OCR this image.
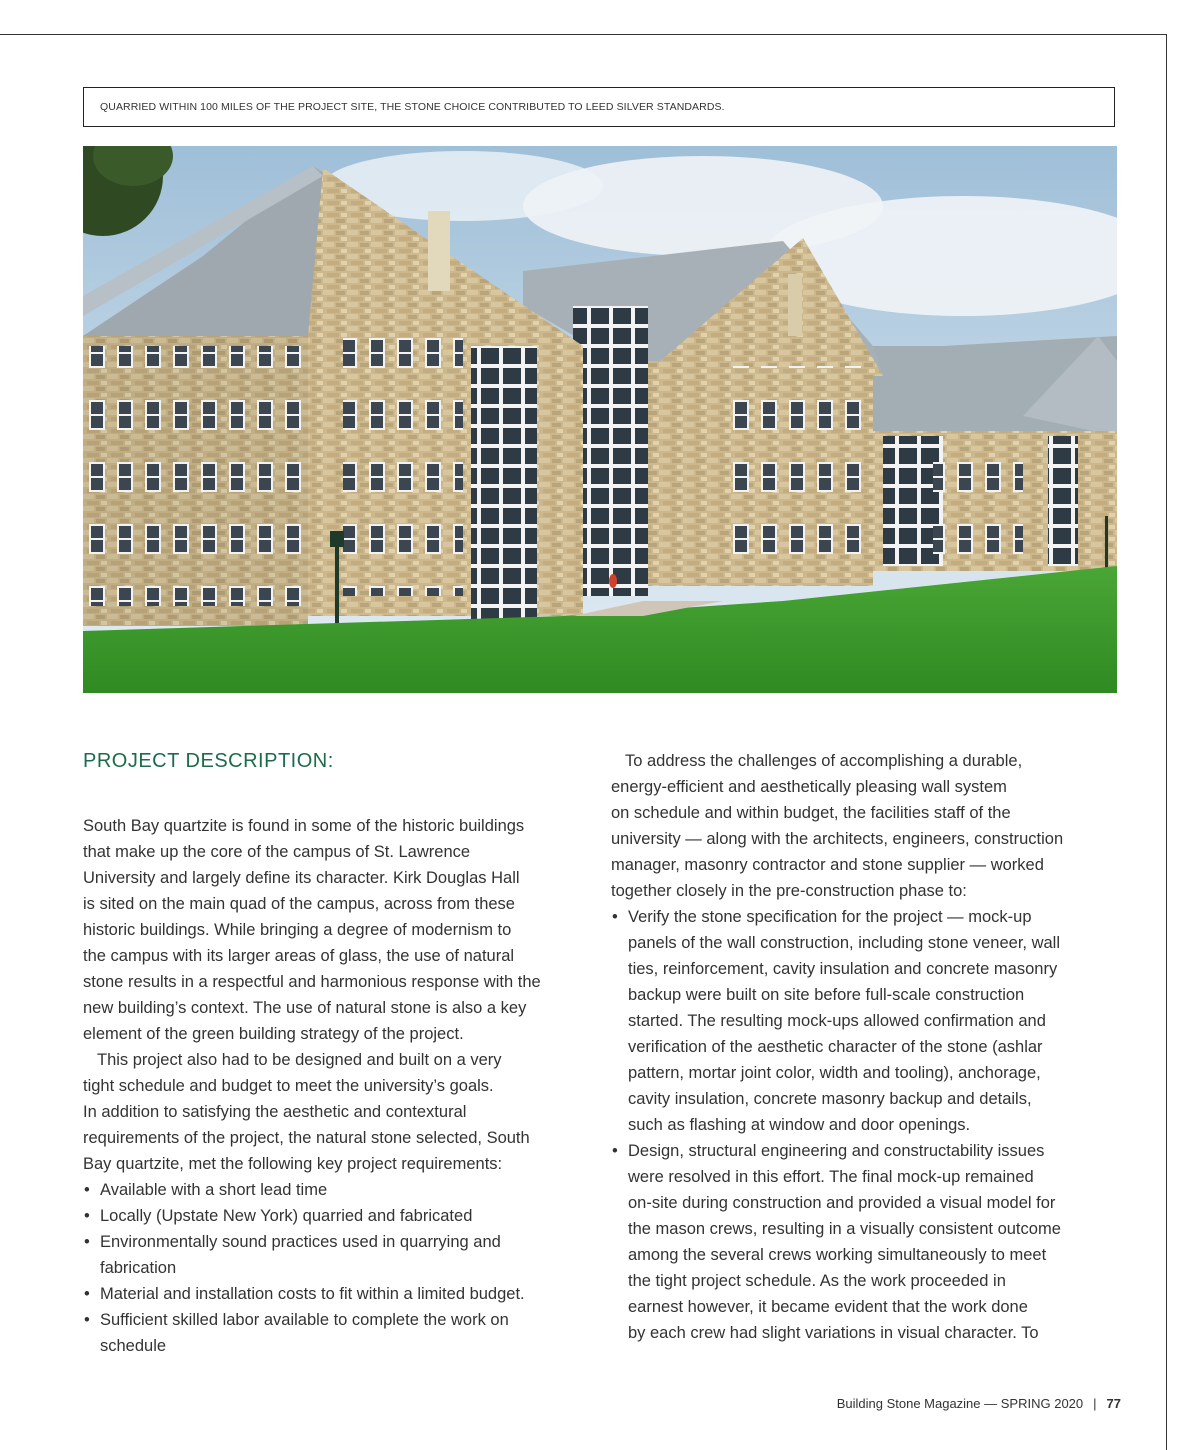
QUARRIED WITHIN 100 MILES OF THE PROJECT SITE, THE STONE CHOICE CONTRIBUTED TO LEED SILVER STANDARDS.
PROJECT DESCRIPTION:

South Bay quartzite is found in some of the historic buildings

that make up the core of the campus of St. Lawrence

University and largely define its character. Kirk Douglas Hall

is sited on the main quad of the campus, across from these

historic buildings. While bringing a degree of modernism to

the campus with its larger areas of glass, the use of natural

stone results in a respectful and harmonious response with the

new building’s context. The use of natural stone is also a key

element of the green building strategy of the project.

This project also had to be designed and built on a very

tight schedule and budget to meet the university’s goals.

In addition to satisfying the aesthetic and contextural

requirements of the project, the natural stone selected, South

Bay quartzite, met the following key project requirements:

• Available with a short lead time

• Locally (Upstate New York) quarried and fabricated

• Environmentally sound practices used in quarrying and

fabrication

• Material and installation costs to fit within a limited budget.

• Sufficient skilled labor available to complete the work on

schedule

To address the challenges of accomplishing a durable,

energy-efficient and aesthetically pleasing wall system

on schedule and within budget, the facilities staff of the

university — along with the architects, engineers, construction

manager, masonry contractor and stone supplier — worked

together closely in the pre-construction phase to:

• Verify the stone specification for the project — mock-up

panels of the wall construction, including stone veneer, wall

ties, reinforcement, cavity insulation and concrete masonry

backup were built on site before full-scale construction

started. The resulting mock-ups allowed confirmation and

verification of the aesthetic character of the stone (ashlar

pattern, mortar joint color, width and tooling), anchorage,

cavity insulation, concrete masonry backup and details,

such as flashing at window and door openings.

• Design, structural engineering and constructability issues

were resolved in this effort. The final mock-up remained

on-site during construction and provided a visual model for

the mason crews, resulting in a visually consistent outcome

among the several crews working simultaneously to meet

the tight project schedule. As the work proceeded in

earnest however, it became evident that the work done

by each crew had slight variations in visual character. To

Building Stone Magazine — SPRING 2020 | 77
